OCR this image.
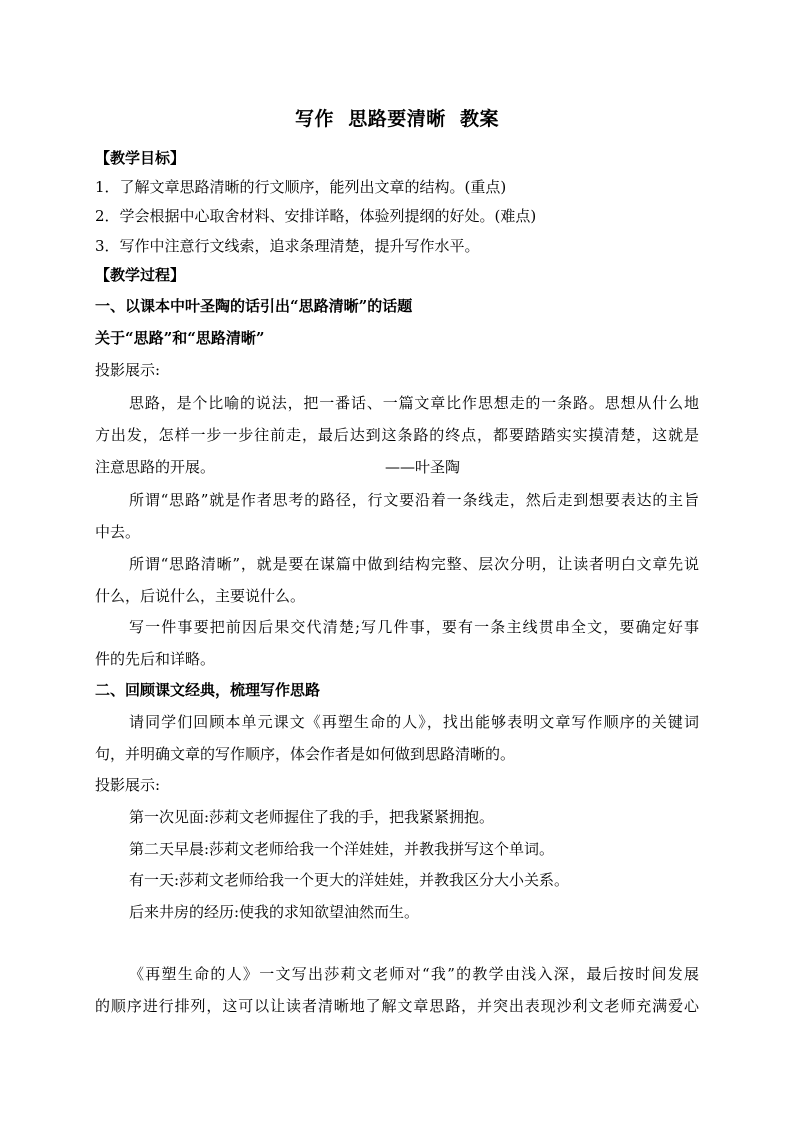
写作  思路要清晰  教案
【教学目标】
1．了解文章思路清晰的行文顺序，能列出文章的结构。(重点)
2．学会根据中心取舍材料、安排详略，体验列提纲的好处。(难点)
3．写作中注意行文线索，追求条理清楚，提升写作水平。
【教学过程】
一、以课本中叶圣陶的话引出“思路清晰”的话题
关于“思路”和“思路清晰”
投影展示:
思路，是个比喻的说法，把一番话、一篇文章比作思想走的一条路。思想从什么地
方出发，怎样一步一步往前走，最后达到这条路的终点，都要踏踏实实摸清楚，这就是
注意思路的开展。	——叶圣陶
所谓“思路”就是作者思考的路径，行文要沿着一条线走，然后走到想要表达的主旨
中去。
所谓“思路清晰”，就是要在谋篇中做到结构完整、层次分明，让读者明白文章先说
什么，后说什么，主要说什么。
写一件事要把前因后果交代清楚;写几件事，要有一条主线贯串全文，要确定好事
件的先后和详略。
二、回顾课文经典，梳理写作思路
请同学们回顾本单元课文《再塑生命的人》，找出能够表明文章写作顺序的关键词
句，并明确文章的写作顺序，体会作者是如何做到思路清晰的。
投影展示:
第一次见面:莎莉文老师握住了我的手，把我紧紧拥抱。
第二天早晨:莎莉文老师给我一个洋娃娃，并教我拼写这个单词。
有一天:莎莉文老师给我一个更大的洋娃娃，并教我区分大小关系。
后来井房的经历:使我的求知欲望油然而生。
《再塑生命的人》一文写出莎莉文老师对“我”的教学由浅入深，最后按时间发展
的顺序进行排列，这可以让读者清晰地了解文章思路，并突出表现沙利文老师充满爱心
